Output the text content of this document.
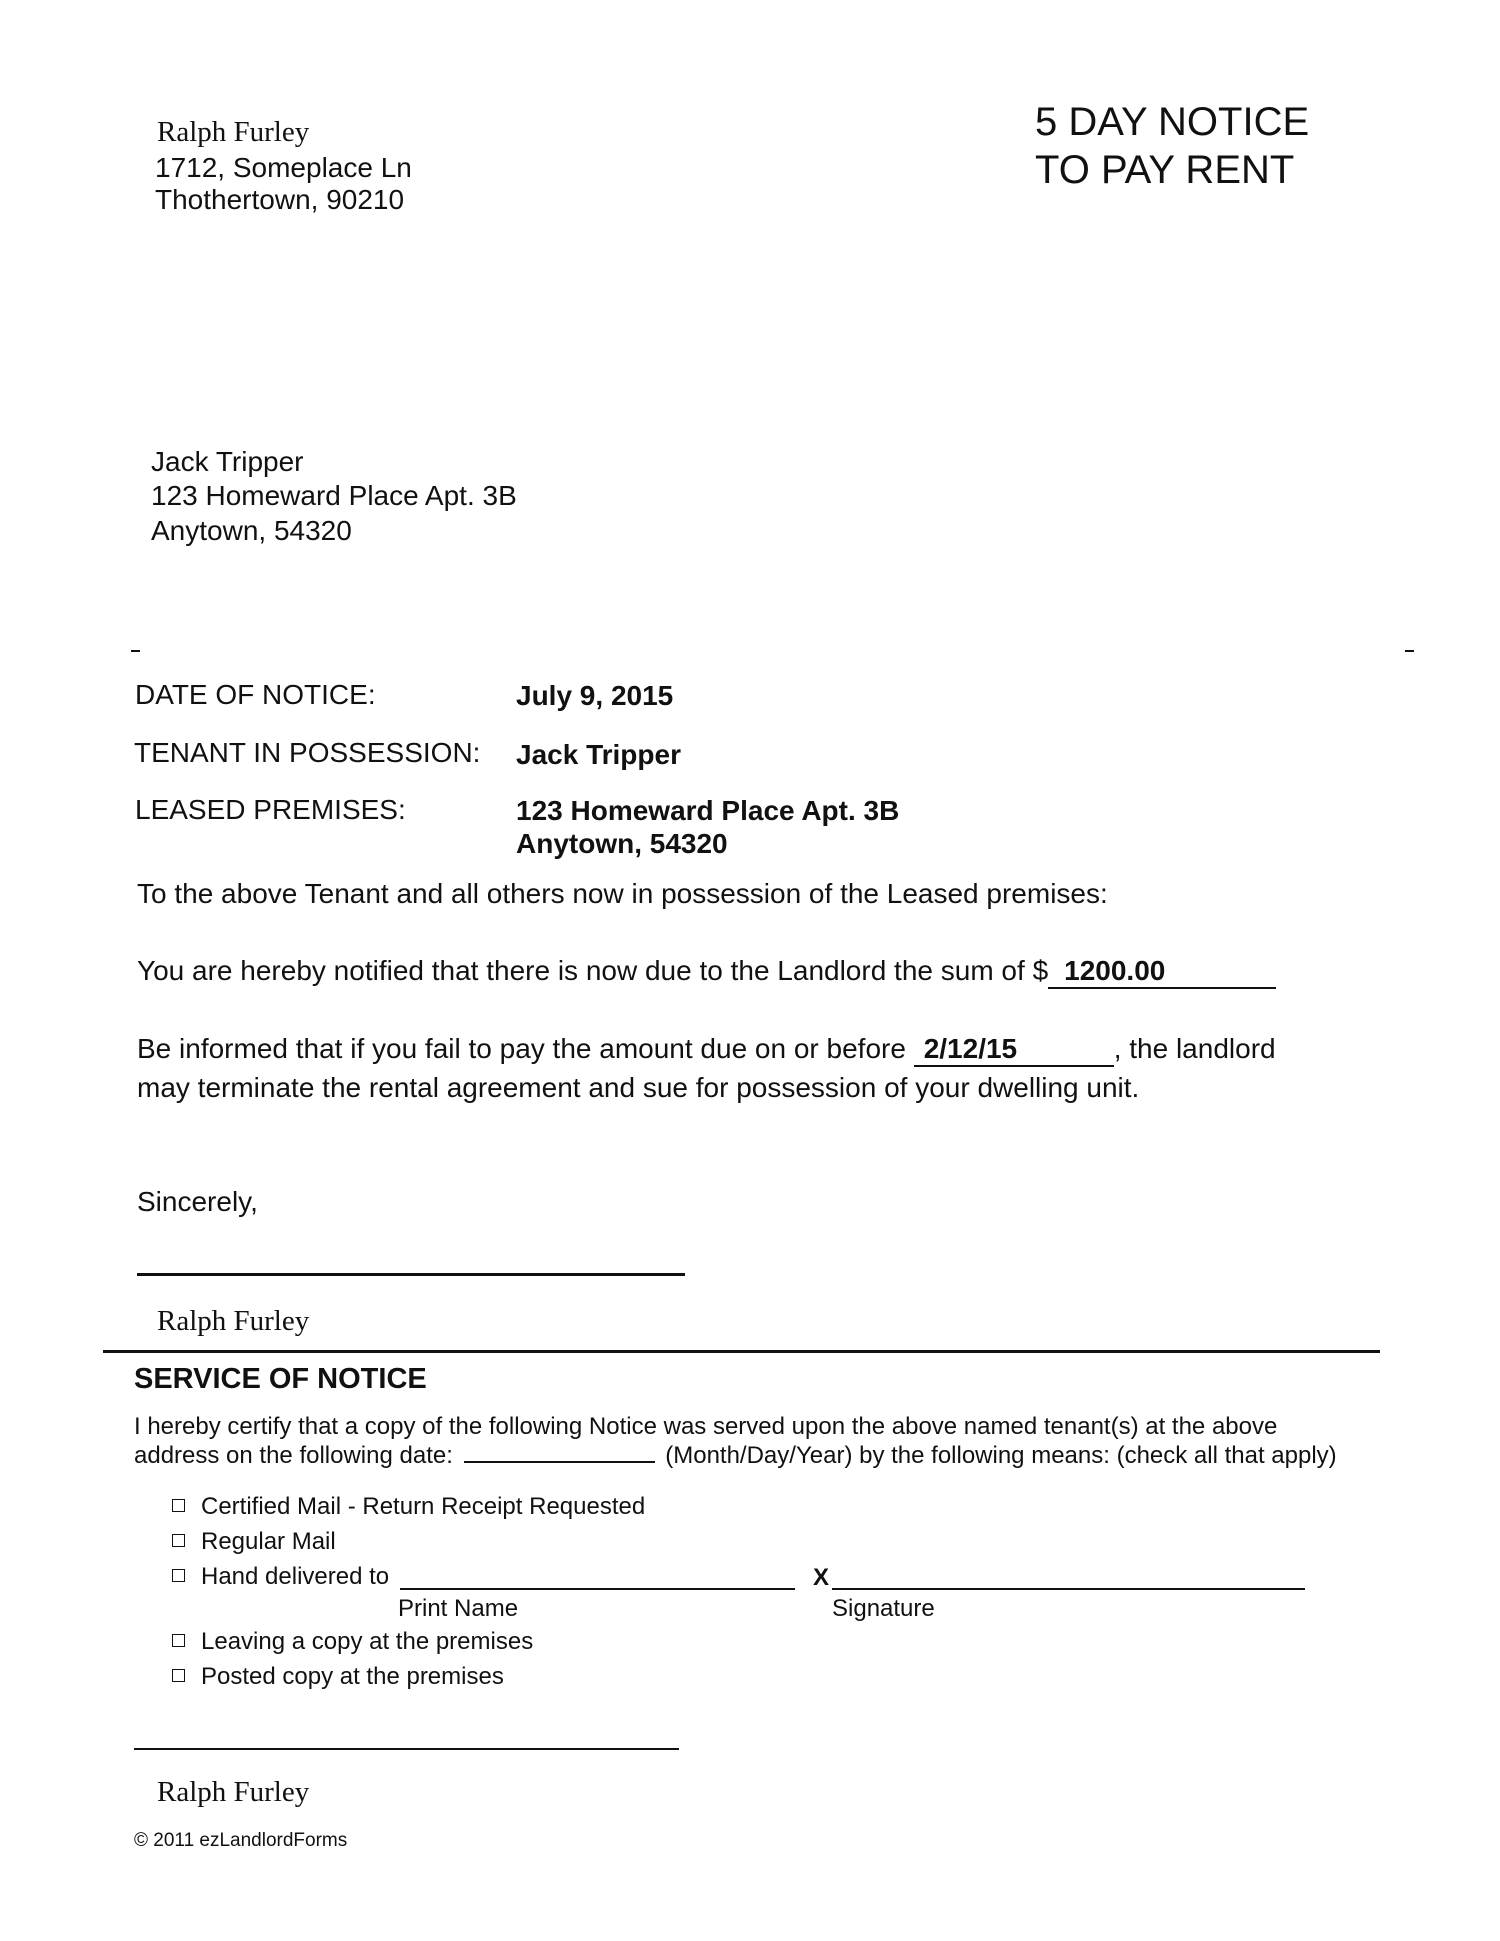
Ralph Furley
1712, Someplace Ln
Thothertown, 90210
5 DAY NOTICE
TO PAY RENT
Jack Tripper
123 Homeward Place Apt. 3B
Anytown, 54320
DATE OF NOTICE:	July 9, 2015
TENANT IN POSSESSION: Jack Tripper
LEASED PREMISES:	123 Homeward Place Apt. 3B
Anytown, 54320
To the above Tenant and all others now in possession of the Leased premises:
You are hereby notified that there is now due to the Landlord the sum of $ 1200.00
Be informed that if you fail to pay the amount due on or before 2/12/15	, the landlord
may terminate the rental agreement and sue for possession of your dwelling unit.
Sincerely,
Ralph Furley
SERVICE OF NOTICE
I hereby certify that a copy of the following Notice was served upon the above named tenant(s) at the above
address on the following date:	(Month/Day/Year) by the following means: (check all that apply)
Certified Mail - Return Receipt Requested
Regular Mail
Hand delivered to	X
Print Name	Signature
Leaving a copy at the premises
Posted copy at the premises
Ralph Furley
© 2011 ezLandlordForms
